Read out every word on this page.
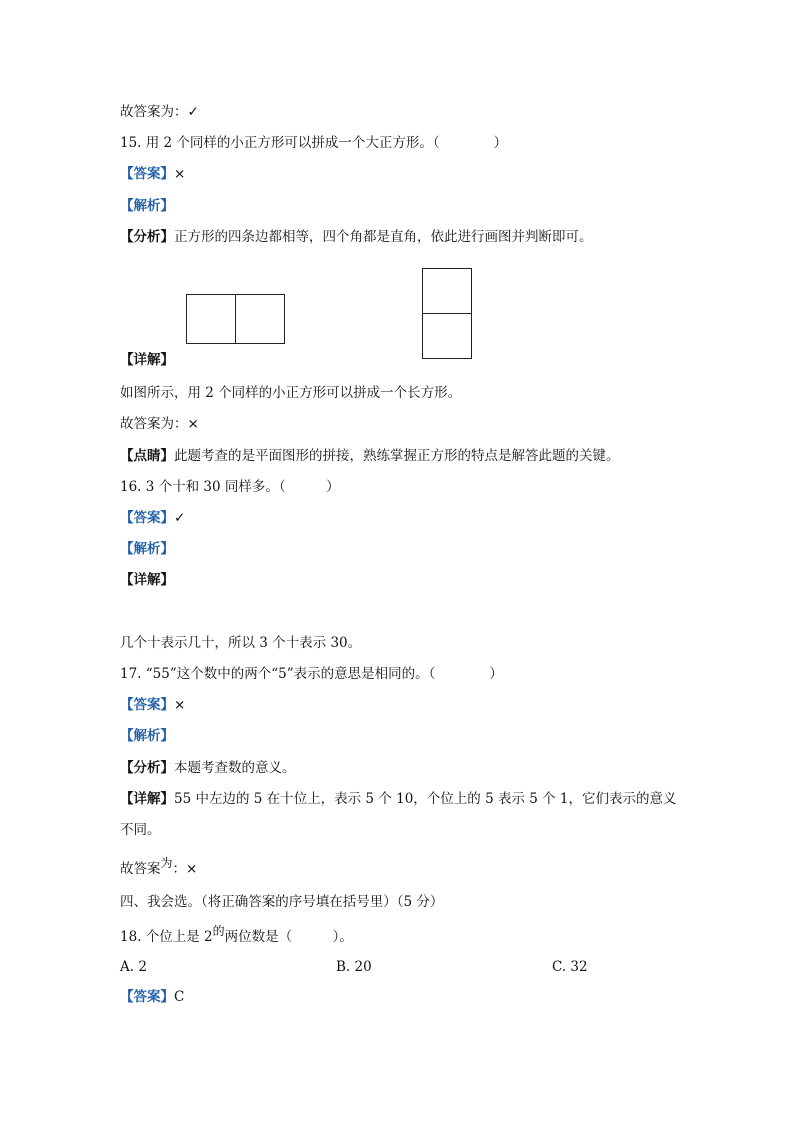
故答案为：✓
15. 用 2 个同样的小正方形可以拼成一个大正方形。（　　　　）
【答案】×
【解析】
【分析】正方形的四条边都相等，四个角都是直角，依此进行画图并判断即可。
【详解】
如图所示，用 2 个同样的小正方形可以拼成一个长方形。
故答案为：×
【点睛】此题考查的是平面图形的拼接，熟练掌握正方形的特点是解答此题的关键。
16. 3 个十和 30 同样多。（　　　）
【答案】✓
【解析】
【详解】
几个十表示几十，所以 3 个十表示 30。
17. “55”这个数中的两个“5”表示的意思是相同的。（　　　　）
【答案】×
【解析】
【分析】本题考查数的意义。
【详解】55 中左边的 5 在十位上，表示 5 个 10，个位上的 5 表示 5 个 1，它们表示的意义
不同。
故答案为：×
四、我会选。（将正确答案的序号填在括号里）（5 分）
18. 个位上是 2的两位数是（　　　）。
A. 2	B. 20	C. 32
【答案】C
